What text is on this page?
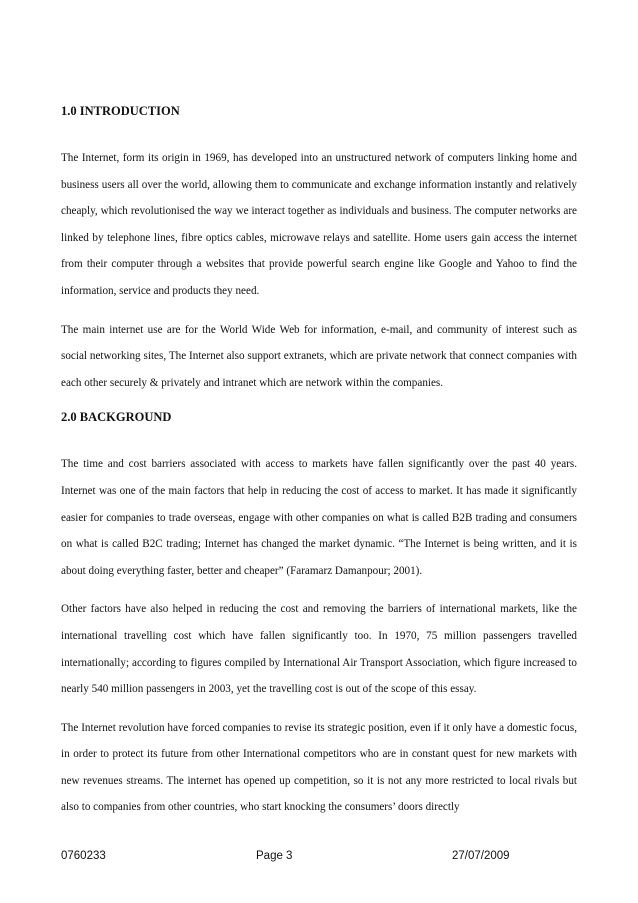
1.0 INTRODUCTION

The Internet, form its origin in 1969, has developed into an unstructured network of computers linking home and business users all over the world, allowing them to communicate and exchange information instantly and relatively cheaply, which revolutionised the way we interact together as individuals and business. The computer networks are linked by telephone lines, fibre optics cables, microwave relays and satellite. Home users gain access the internet from their computer through a websites that provide powerful search engine like Google and Yahoo to find the information, service and products they need.

The main internet use are for the World Wide Web for information, e-mail, and community of interest such as social networking sites, The Internet also support extranets, which are private network that connect companies with each other securely & privately and intranet which are network within the companies.

2.0 BACKGROUND

The time and cost barriers associated with access to markets have fallen significantly over the past 40 years. Internet was one of the main factors that help in reducing the cost of access to market. It has made it significantly easier for companies to trade overseas, engage with other companies on what is called B2B trading and consumers on what is called B2C trading; Internet has changed the market dynamic. “The Internet is being written, and it is about doing everything faster, better and cheaper” (Faramarz Damanpour; 2001).

Other factors have also helped in reducing the cost and removing the barriers of international markets, like the international travelling cost which have fallen significantly too. In 1970, 75 million passengers travelled internationally; according to figures compiled by International Air Transport Association, which figure increased to nearly 540 million passengers in 2003, yet the travelling cost is out of the scope of this essay.

The Internet revolution have forced companies to revise its strategic position, even if it only have a domestic focus, in order to protect its future from other International competitors who are in constant quest for new markets with new revenues streams. The internet has opened up competition, so it is not any more restricted to local rivals but also to companies from other countries, who start knocking the consumers’ doors directly

0760233	Page 3	27/07/2009
